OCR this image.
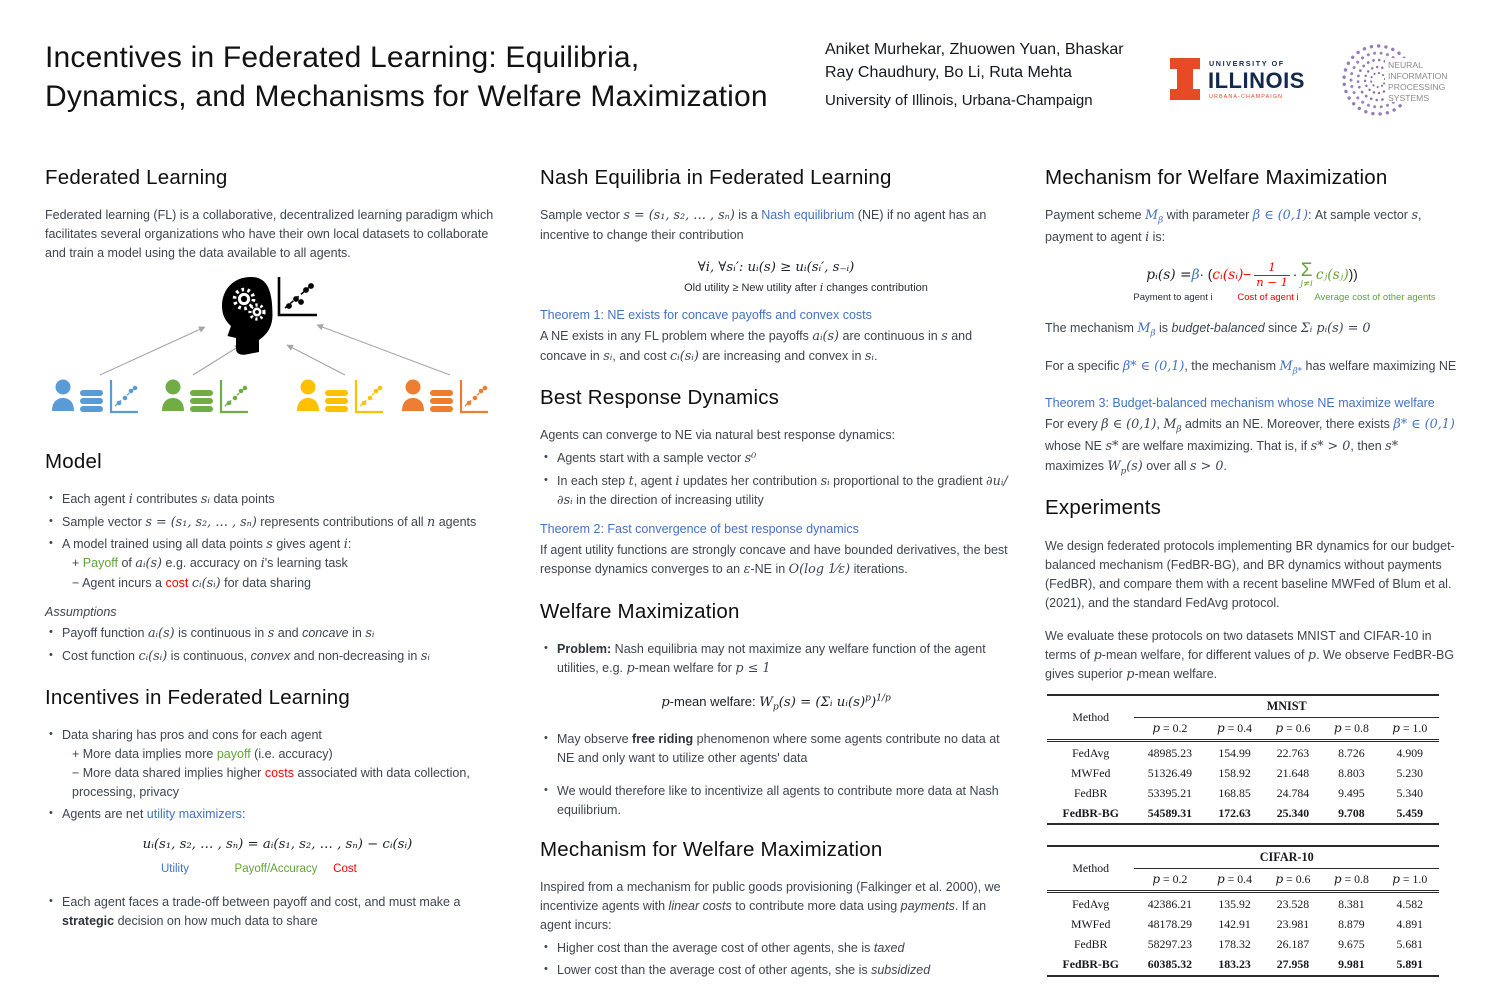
Incentives in Federated Learning: Equilibria,
Dynamics, and Mechanisms for Welfare Maximization
Aniket Murhekar, Zhuowen Yuan, Bhaskar
Ray Chaudhury, Bo Li, Ruta Mehta
University of Illinois, Urbana-Champaign
UNIVERSITY OF
ILLINOIS
URBANA-CHAMPAIGN
NEURAL
INFORMATION
PROCESSING
SYSTEMS
Federated Learning
Federated learning (FL) is a collaborative, decentralized learning paradigm which facilitates several organizations who have their own local datasets to collaborate and train a model using the data available to all agents.
Model
• Each agent i contributes sᵢ data points
• Sample vector s = (s₁, s₂, … , sₙ) represents contributions of all n agents
• A model trained using all data points s gives agent i:
+ Payoff of aᵢ(s) e.g. accuracy on i's learning task
− Agent incurs a cost cᵢ(sᵢ) for data sharing
Assumptions
• Payoff function aᵢ(s) is continuous in s and concave in sᵢ
• Cost function cᵢ(sᵢ) is continuous, convex and non-decreasing in sᵢ
Incentives in Federated Learning
• Data sharing has pros and cons for each agent
+ More data implies more payoff (i.e. accuracy)
− More data shared implies higher costs associated with data collection, processing, privacy
• Agents are net utility maximizers:
uᵢ(s₁, s₂, … , sₙ) = aᵢ(s₁, s₂, … , sₙ) − cᵢ(sᵢ)
Utility	Payoff/Accuracy Cost
• Each agent faces a trade-off between payoff and cost, and must make a strategic decision on how much data to share
Nash Equilibria in Federated Learning
Sample vector s = (s₁, s₂, … , sₙ) is a Nash equilibrium (NE) if no agent has an incentive to change their contribution
∀i, ∀sᵢ′: uᵢ(s) ≥ uᵢ(sᵢ′, s₋ᵢ)
Old utility ≥ New utility after i changes contribution
Theorem 1: NE exists for concave payoffs and convex costs
A NE exists in any FL problem where the payoffs aᵢ(s) are continuous in s and concave in sᵢ, and cost cᵢ(sᵢ) are increasing and convex in sᵢ.
Best Response Dynamics
Agents can converge to NE via natural best response dynamics:
• Agents start with a sample vector s⁰
• In each step t, agent i updates her contribution sᵢ proportional to the gradient ∂uᵢ/∂sᵢ in the direction of increasing utility
Theorem 2: Fast convergence of best response dynamics
If agent utility functions are strongly concave and have bounded derivatives, the best response dynamics converges to an ε-NE in O(log 1⁄ε) iterations.
Welfare Maximization
• Problem: Nash equilibria may not maximize any welfare function of the agent utilities, e.g. p-mean welfare for p ≤ 1
p-mean welfare: $W_p(s)$ = (Σᵢ $uᵢ(s)^p)^{1/p}$
• May observe free riding phenomenon where some agents contribute no data at NE and only want to utilize other agents' data
• We would therefore like to incentivize all agents to contribute more data at Nash equilibrium.
Mechanism for Welfare Maximization
Inspired from a mechanism for public goods provisioning (Falkinger et al. 2000), we incentivize agents with linear costs to contribute more data using payments. If an agent incurs:
• Higher cost than the average cost of other agents, she is taxed
• Lower cost than the average cost of other agents, she is subsidized
Mechanism for Welfare Maximization
Payment scheme $M_\beta$ with parameter β ∈ (0,1): At sample vector s, payment to agent i is:
pᵢ(s) = β · ( cᵢ(sᵢ) − $\frac{1}{n - 1} \cdot \Sigma$
j≠i
cⱼ(sⱼ) ))
Payment to agent i	Cost of agent i Average cost of other agents
The mechanism $M_\beta$ is budget-balanced since Σᵢ pᵢ(s) = 0
For a specific β* ∈ (0,1), the mechanism $M_{\beta*}$ has welfare maximizing NE
Theorem 3: Budget-balanced mechanism whose NE maximize welfare
For every β ∈ (0,1), $M_\beta$ admits an NE. Moreover, there exists β* ∈ (0,1) whose NE s* are welfare maximizing. That is, if s* > 0, then s* maximizes $W_p(s)$ over all s > 0.
Experiments
We design federated protocols implementing BR dynamics for our budget-balanced mechanism (FedBR-BG), and BR dynamics without payments (FedBR), and compare them with a recent baseline MWFed of Blum et al. (2021), and the standard FedAvg protocol.
We evaluate these protocols on two datasets MNIST and CIFAR-10 in terms of p-mean welfare, for different values of p. We observe FedBR-BG gives superior p-mean welfare.
Method	MNIST				
	p = 0.2	p = 0.4	p = 0.6	p = 0.8	p = 1.0
FedAvg	48985.23	154.99	22.763	8.726	4.909
MWFed	51326.49	158.92	21.648	8.803	5.230
FedBR	53395.21	168.85	24.784	9.495	5.340
FedBR-BG	54589.31	172.63	25.340	9.708	5.459
Method	CIFAR-10				
	p = 0.2	p = 0.4	p = 0.6	p = 0.8	p = 1.0
FedAvg	42386.21	135.92	23.528	8.381	4.582
MWFed	48178.29	142.91	23.981	8.879	4.891
FedBR	58297.23	178.32	26.187	9.675	5.681
FedBR-BG	60385.32	183.23	27.958	9.981	5.891
